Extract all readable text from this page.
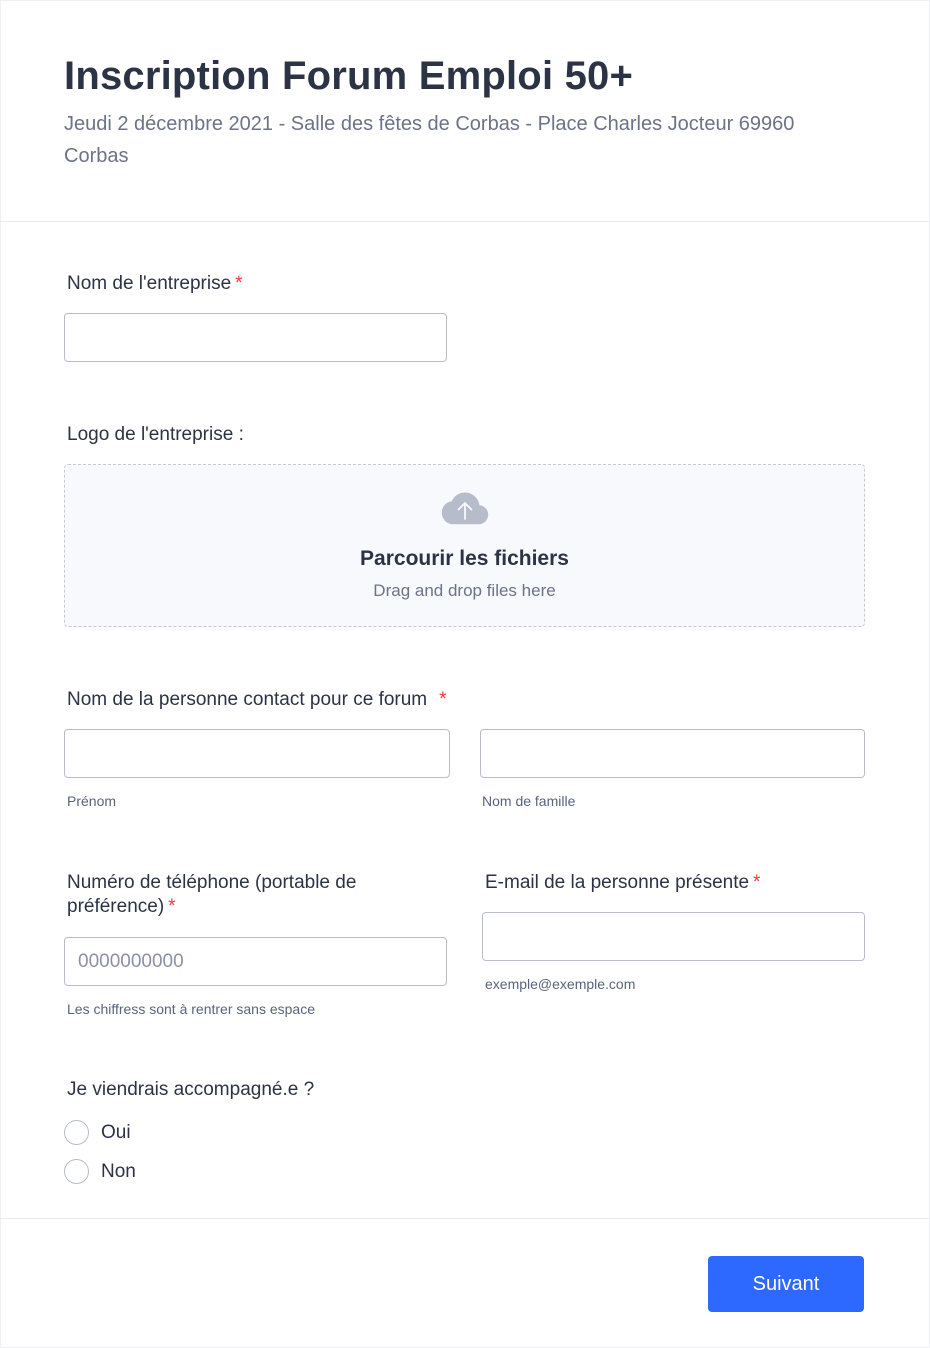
Inscription Forum Emploi 50+

Jeudi 2 décembre 2021 - Salle des fêtes de Corbas - Place Charles Jocteur 69960 Corbas

Nom de l'entreprise *
Logo de l'entreprise :
Parcourir les fichiers
Drag and drop files here
Nom de la personne contact pour ce forum *
Prénom	Nom de famille
Numéro de téléphone (portable de préférence) *
0000000000
Les chiffress sont à rentrer sans espace
E-mail de la personne présente *
exemple@exemple.com
Je viendrais accompagné.e ?
Oui
Non
Suivant
